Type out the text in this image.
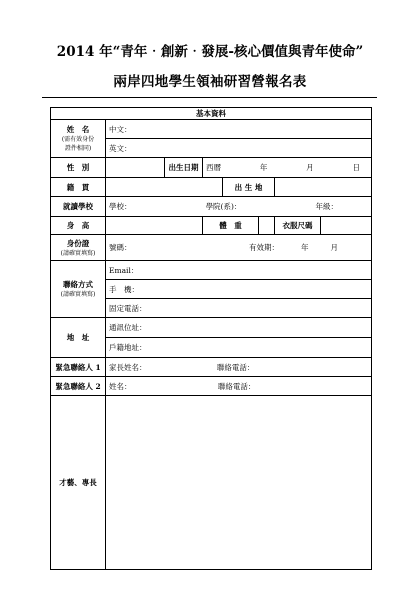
2014 年“青年‧創新‧發展-核心價值與青年使命”
兩岸四地學生領袖研習營報名表
基本資料							
姓　名
(需有效身份
證件相同)	中文：						
	英文：						
性　別		出生日期	西曆 年 月 日				

籍　貫				出 生 地			
就讀學校	學校： 學院(系)： 年級：						

身　高			體　重			衣服尺碼	
身份證
(請確實填寫)	號碼： 有效期： 年 月						

聯絡方式
(請確實填寫)	Email：						
	手　機：						
	固定電話：						
地　址	通訊位址：						
	戶籍地址：						
緊急聯絡人 1	家長姓名： 聯絡電話：						
緊急聯絡人 2	姓名： 聯絡電話：						
才藝、專長							
